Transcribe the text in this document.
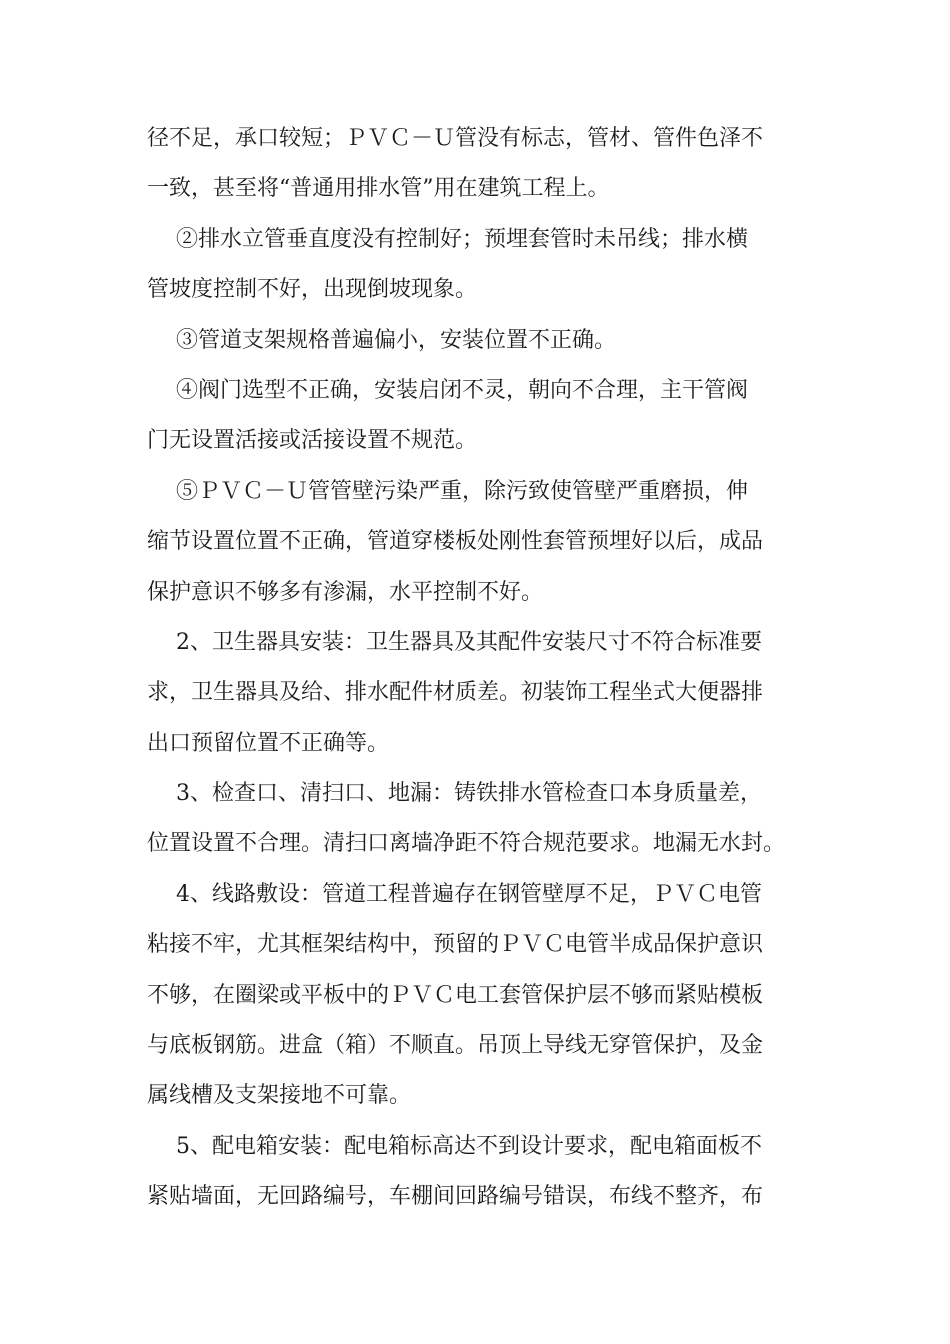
径不足，承口较短；ＰＶＣ－Ｕ管没有标志，管材、管件色泽不
一致，甚至将“普通用排水管”用在建筑工程上。
②排水立管垂直度没有控制好；预埋套管时未吊线；排水横
管坡度控制不好，出现倒坡现象。
③管道支架规格普遍偏小，安装位置不正确。
④阀门选型不正确，安装启闭不灵，朝向不合理，主干管阀
门无设置活接或活接设置不规范。
⑤ＰＶＣ－Ｕ管管壁污染严重，除污致使管壁严重磨损，伸
缩节设置位置不正确，管道穿楼板处刚性套管预埋好以后，成品
保护意识不够多有渗漏，水平控制不好。
2、卫生器具安装：卫生器具及其配件安装尺寸不符合标准要
求，卫生器具及给、排水配件材质差。初装饰工程坐式大便器排
出口预留位置不正确等。
3、检查口、清扫口、地漏：铸铁排水管检查口本身质量差，
位置设置不合理。清扫口离墙净距不符合规范要求。地漏无水封。
4、线路敷设：管道工程普遍存在钢管壁厚不足，ＰＶＣ电管
粘接不牢，尤其框架结构中，预留的ＰＶＣ电管半成品保护意识
不够，在圈梁或平板中的ＰＶＣ电工套管保护层不够而紧贴模板
与底板钢筋。进盒（箱）不顺直。吊顶上导线无穿管保护，及金
属线槽及支架接地不可靠。
5、配电箱安装：配电箱标高达不到设计要求，配电箱面板不
紧贴墙面，无回路编号，车棚间回路编号错误，布线不整齐，布
